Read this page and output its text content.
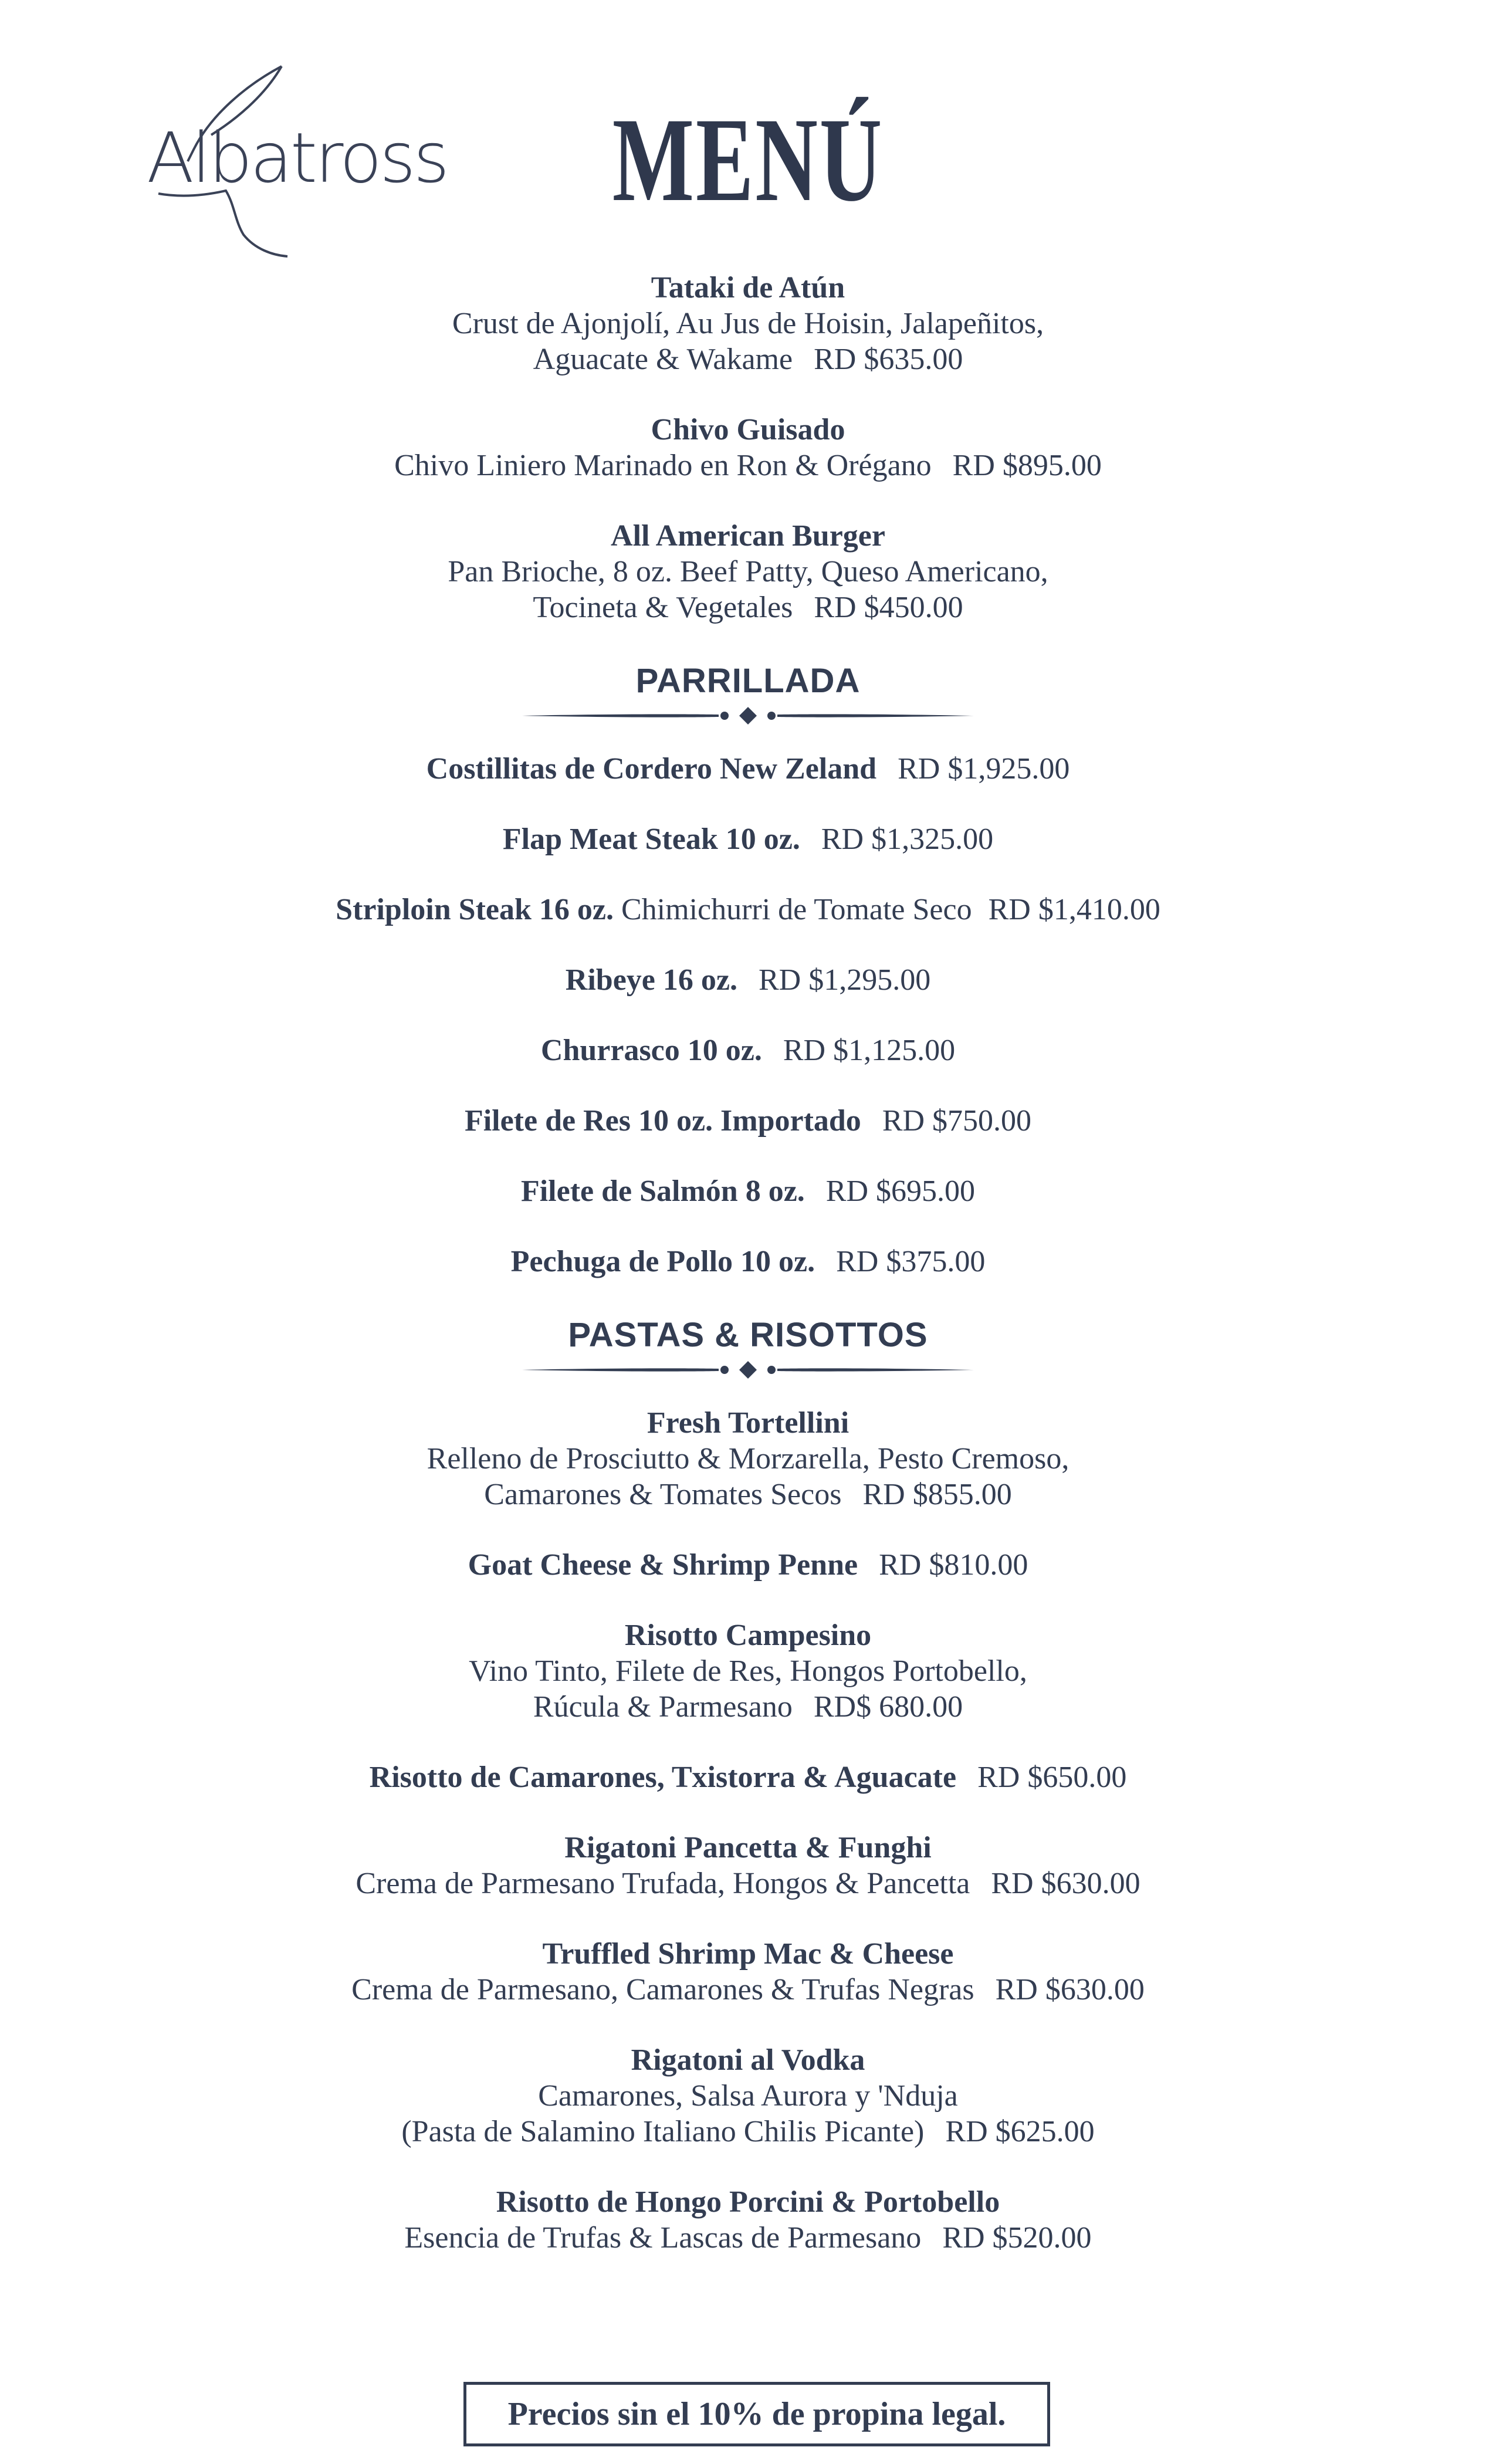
Albatross	MENÚ
Tataki de Atún
Crust de Ajonjolí, Au Jus de Hoisin, Jalapeñitos,
Aguacate & Wakame RD $635.00
Chivo Guisado
Chivo Liniero Marinado en Ron & Orégano RD $895.00
All American Burger
Pan Brioche, 8 oz. Beef Patty, Queso Americano,
Tocineta & Vegetales RD $450.00
PARRILLADA
Costillitas de Cordero New Zeland RD $1,925.00
Flap Meat Steak 10 oz. RD $1,325.00
Striploin Steak 16 oz. Chimichurri de Tomate Seco RD $1,410.00
Ribeye 16 oz. RD $1,295.00
Churrasco 10 oz. RD $1,125.00
Filete de Res 10 oz. Importado RD $750.00
Filete de Salmón 8 oz. RD $695.00
Pechuga de Pollo 10 oz. RD $375.00
PASTAS & RISOTTOS
Fresh Tortellini
Relleno de Prosciutto & Morzarella, Pesto Cremoso,
Camarones & Tomates Secos RD $855.00
Goat Cheese & Shrimp Penne RD $810.00
Risotto Campesino
Vino Tinto, Filete de Res, Hongos Portobello,
Rúcula & Parmesano RD$ 680.00
Risotto de Camarones, Txistorra & Aguacate RD $650.00
Rigatoni Pancetta & Funghi
Crema de Parmesano Trufada, Hongos & Pancetta RD $630.00
Truffled Shrimp Mac & Cheese
Crema de Parmesano, Camarones & Trufas Negras RD $630.00
Rigatoni al Vodka
Camarones, Salsa Aurora y 'Nduja
(Pasta de Salamino Italiano Chilis Picante) RD $625.00
Risotto de Hongo Porcini & Portobello
Esencia de Trufas & Lascas de Parmesano RD $520.00
Precios sin el 10% de propina legal.
